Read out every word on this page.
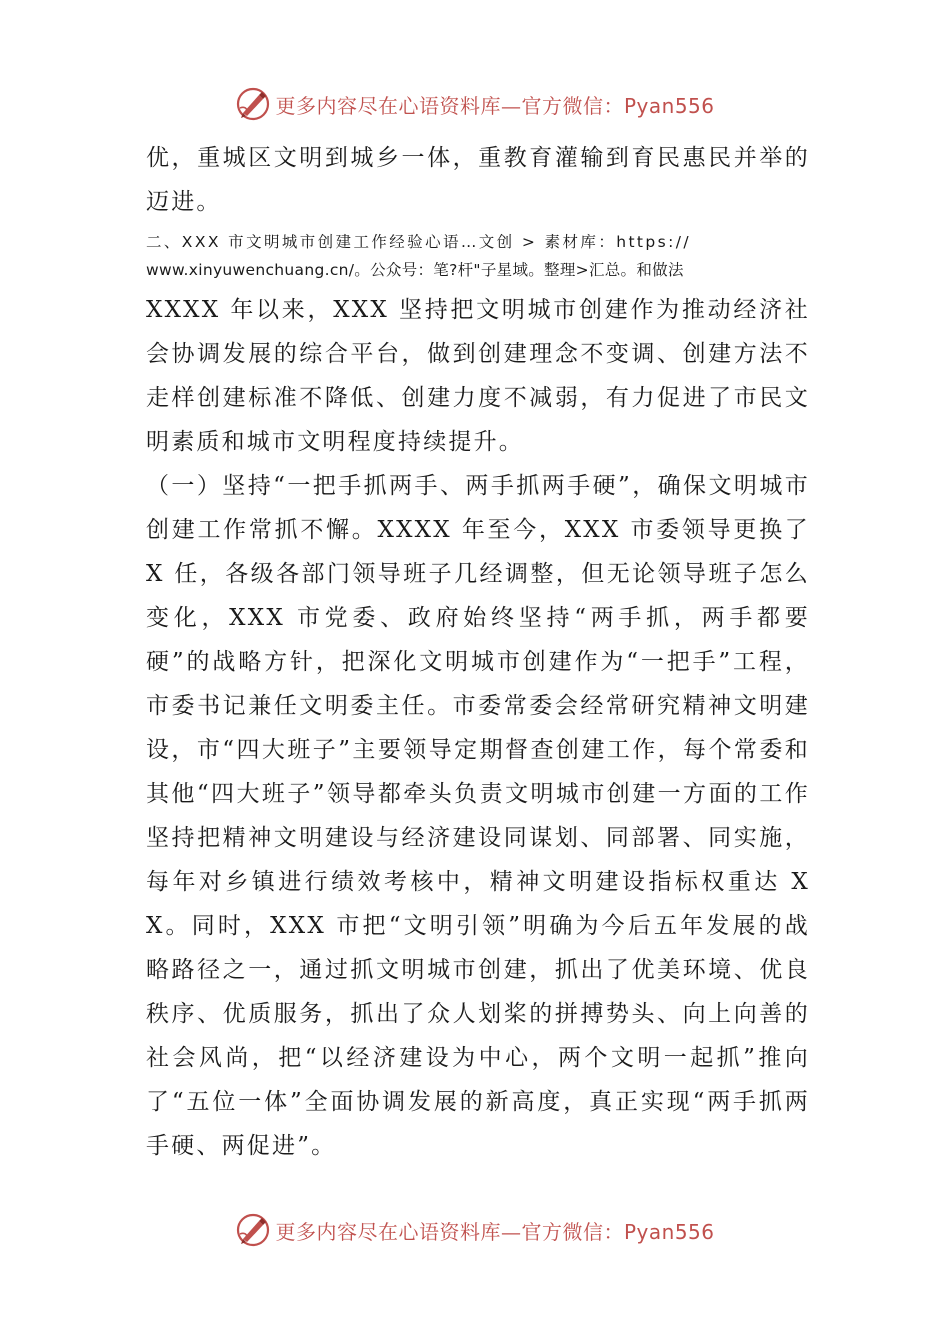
更多内容尽在心语资料库—官方微信：Pyan556

优，重城区文明到城乡一体，重教育灌输到育民惠民并举的迈进。

二、XXX 市文明城市创建工作经验心语…文创 > 素材库：https://
www.xinyuwenchuang.cn/。公众号：笔?杆"子星域。整理>汇总。和做法

XXXX 年以来，XXX 坚持把文明城市创建作为推动经济社会协调发展的综合平台，做到创建理念不变调、创建方法不走样创建标准不降低、创建力度不减弱，有力促进了市民文明素质和城市文明程度持续提升。

（一）坚持“一把手抓两手、两手抓两手硬”，确保文明城市创建工作常抓不懈。XXXX 年至今，XXX 市委领导更换了 X 任，各级各部门领导班子几经调整，但无论领导班子怎么变化，XXX 市党委、政府始终坚持“两手抓，两手都要硬”的战略方针，把深化文明城市创建作为“一把手”工程，市委书记兼任文明委主任。市委常委会经常研究精神文明建设，市“四大班子”主要领导定期督查创建工作，每个常委和其他“四大班子”领导都牵头负责文明城市创建一方面的工作坚持把精神文明建设与经济建设同谋划、同部署、同实施，每年对乡镇进行绩效考核中，精神文明建设指标权重达 XX。同时，XXX 市把“文明引领”明确为今后五年发展的战略路径之一，通过抓文明城市创建，抓出了优美环境、优良秩序、优质服务，抓出了众人划桨的拼搏势头、向上向善的社会风尚，把“以经济建设为中心，两个文明一起抓”推向了“五位一体”全面协调发展的新高度，真正实现“两手抓两手硬、两促进”。

更多内容尽在心语资料库—官方微信：Pyan556
